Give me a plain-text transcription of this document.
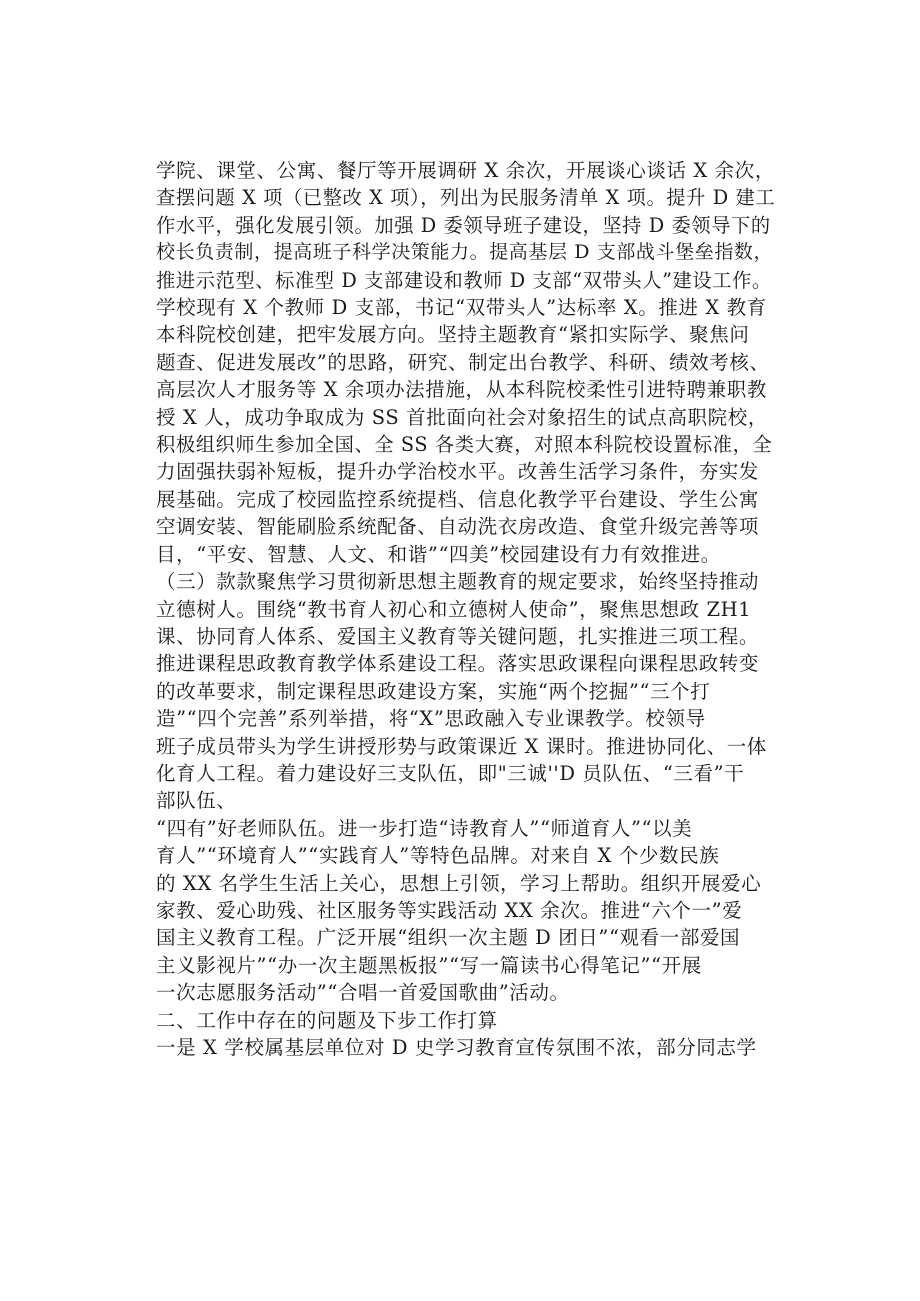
学院、课堂、公寓、餐厅等开展调研 X 余次，开展谈心谈话 X 余次，
查摆问题 X 项（已整改 X 项），列出为民服务清单 X 项。提升 D 建工
作水平，强化发展引领。加强 D 委领导班子建设，坚持 D 委领导下的
校长负责制，提高班子科学决策能力。提高基层 D 支部战斗堡垒指数，
推进示范型、标准型 D 支部建设和教师 D 支部“双带头人”建设工作。
学校现有 X 个教师 D 支部，书记“双带头人”达标率 X。推进 X 教育
本科院校创建，把牢发展方向。坚持主题教育“紧扣实际学、聚焦问
题查、促进发展改”的思路，研究、制定出台教学、科研、绩效考核、
高层次人才服务等 X 余项办法措施，从本科院校柔性引进特聘兼职教
授 X 人，成功争取成为 SS 首批面向社会对象招生的试点高职院校，
积极组织师生参加全国、全 SS 各类大赛，对照本科院校设置标准，全
力固强扶弱补短板，提升办学治校水平。改善生活学习条件，夯实发
展基础。完成了校园监控系统提档、信息化教学平台建设、学生公寓
空调安装、智能刷脸系统配备、自动洗衣房改造、食堂升级完善等项
目，“平安、智慧、人文、和谐”“四美”校园建设有力有效推进。
（三）款款聚焦学习贯彻新思想主题教育的规定要求，始终坚持推动
立德树人。围绕“教书育人初心和立德树人使命”，聚焦思想政 ZH1
课、协同育人体系、爱国主义教育等关键问题，扎实推进三项工程。
推进课程思政教育教学体系建设工程。落实思政课程向课程思政转变
的改革要求，制定课程思政建设方案，实施“两个挖掘”“三个打
造”“四个完善”系列举措，将“X”思政融入专业课教学。校领导
班子成员带头为学生讲授形势与政策课近 X 课时。推进协同化、一体
化育人工程。着力建设好三支队伍，即"三诚''D 员队伍、“三看”干
部队伍、
“四有”好老师队伍。进一步打造“诗教育人”“师道育人”“以美
育人”“环境育人”“实践育人”等特色品牌。对来自 X 个少数民族
的 XX 名学生生活上关心，思想上引领，学习上帮助。组织开展爱心
家教、爱心助残、社区服务等实践活动 XX 余次。推进“六个一”爱
国主义教育工程。广泛开展“组织一次主题 D 团日”“观看一部爱国
主义影视片”“办一次主题黑板报”“写一篇读书心得笔记”“开展
一次志愿服务活动”“合唱一首爱国歌曲”活动。
二、工作中存在的问题及下步工作打算
一是 X 学校属基层单位对 D 史学习教育宣传氛围不浓，部分同志学
